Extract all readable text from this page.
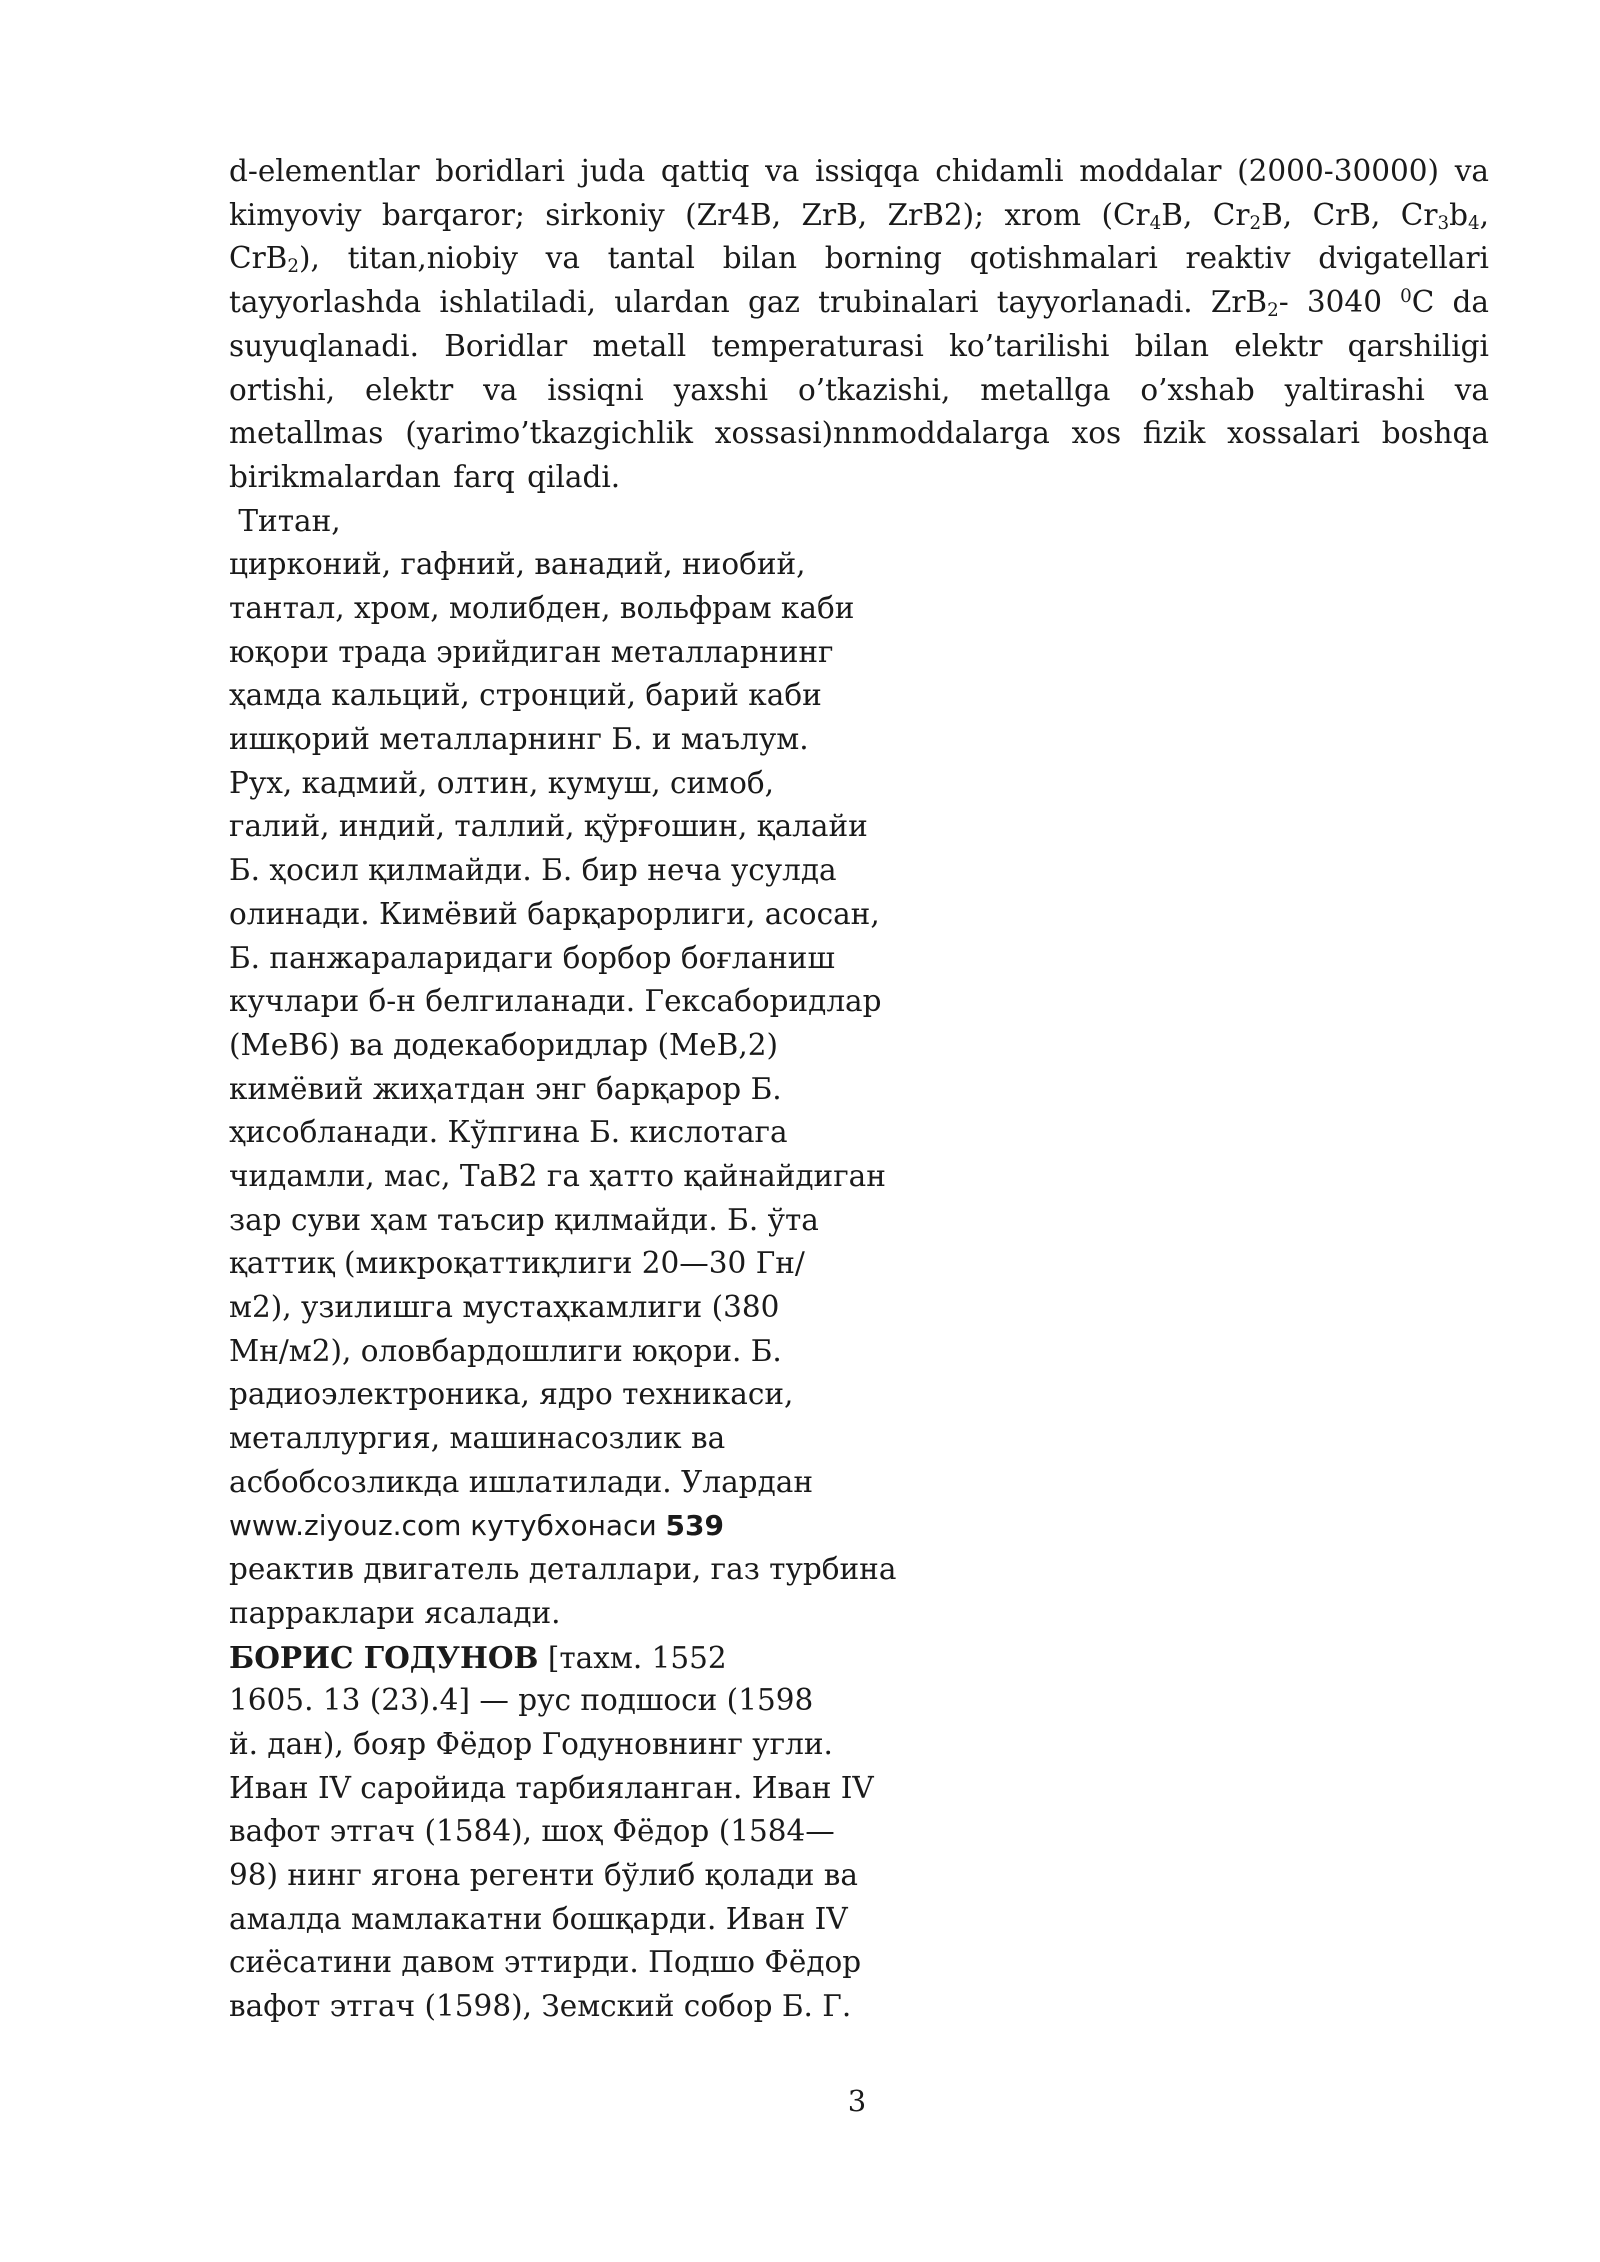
d-elementlar boridlari juda qattiq va issiqqa chidamli moddalar (2000-30000) va kimyoviy barqaror; sirkoniy (Zr4B, ZrB, ZrB2); xrom ($Cr_4B$, $Cr_2B$, CrB, $Cr_3b_4$, CrB$_2$), titan,niobiy va tantal bilan borning qotishmalari reaktiv dvigatellari tayyorlashda ishlatiladi, ulardan gaz trubinalari tayyorlanadi. ZrB$_2$- 3040 $^0$C da suyuqlanadi. Boridlar metall temperaturasi ko’tarilishi bilan elektr qarshiligi ortishi, elektr va issiqni yaxshi o’tkazishi, metallga o’xshab yaltirashi va metallmas (yarimo’tkazgichlik xossasi)nnmoddalarga xos fizik xossalari boshqa birikmalardan farq qiladi.

Титан,
цирконий, гафний, ванадий, ниобий,
тантал, хром, молибден, вольфрам каби
юқори трада эрийдиган металларнинг
ҳамда кальций, стронций, барий каби
ишқорий металларнинг Б. и маълум.
Рух, кадмий, олтин, кумуш, симоб,
галий, индий, таллий, қўрғошин, қалайи
Б. ҳосил қилмайди. Б. бир неча усулда
олинади. Кимёвий барқарорлиги, асосан,
Б. панжараларидаги борбор боғланиш
кучлари б-н белгиланади. Гексаборидлар
(МеВ6) ва додекаборидлар (МеВ,2)
кимёвий жиҳатдан энг барқарор Б.
ҳисобланади. Кўпгина Б. кислотага
чидамли, мас, ТаВ2 га ҳатто қайнайдиган
зар суви ҳам таъсир қилмайди. Б. ўта
қаттиқ (микроқаттиқлиги 20—30 Гн/
м2), узилишга мустаҳкамлиги (380
Мн/м2), оловбардошлиги юқори. Б.
радиоэлектроника, ядро техникаси,
металлургия, машинасозлик ва
асбобсозликда ишлатилади. Улардан
www.ziyouz.com кутубхонаси 539
реактив двигатель деталлари, газ турбина
парраклари ясалади.
БОРИС ГОДУНОВ [тахм. 1552
1605. 13 (23).4] — рус подшоси (1598
й. дан), бояр Фёдор Годуновнинг угли.
Иван IV саройида тарбияланган. Иван IV
вафот этгач (1584), шоҳ Фёдор (1584—
98) нинг ягона регенти бўлиб қолади ва
амалда мамлакатни бошқарди. Иван IV
сиёсатини давом эттирди. Подшо Фёдор
вафот этгач (1598), Земский собор Б. Г.
3
